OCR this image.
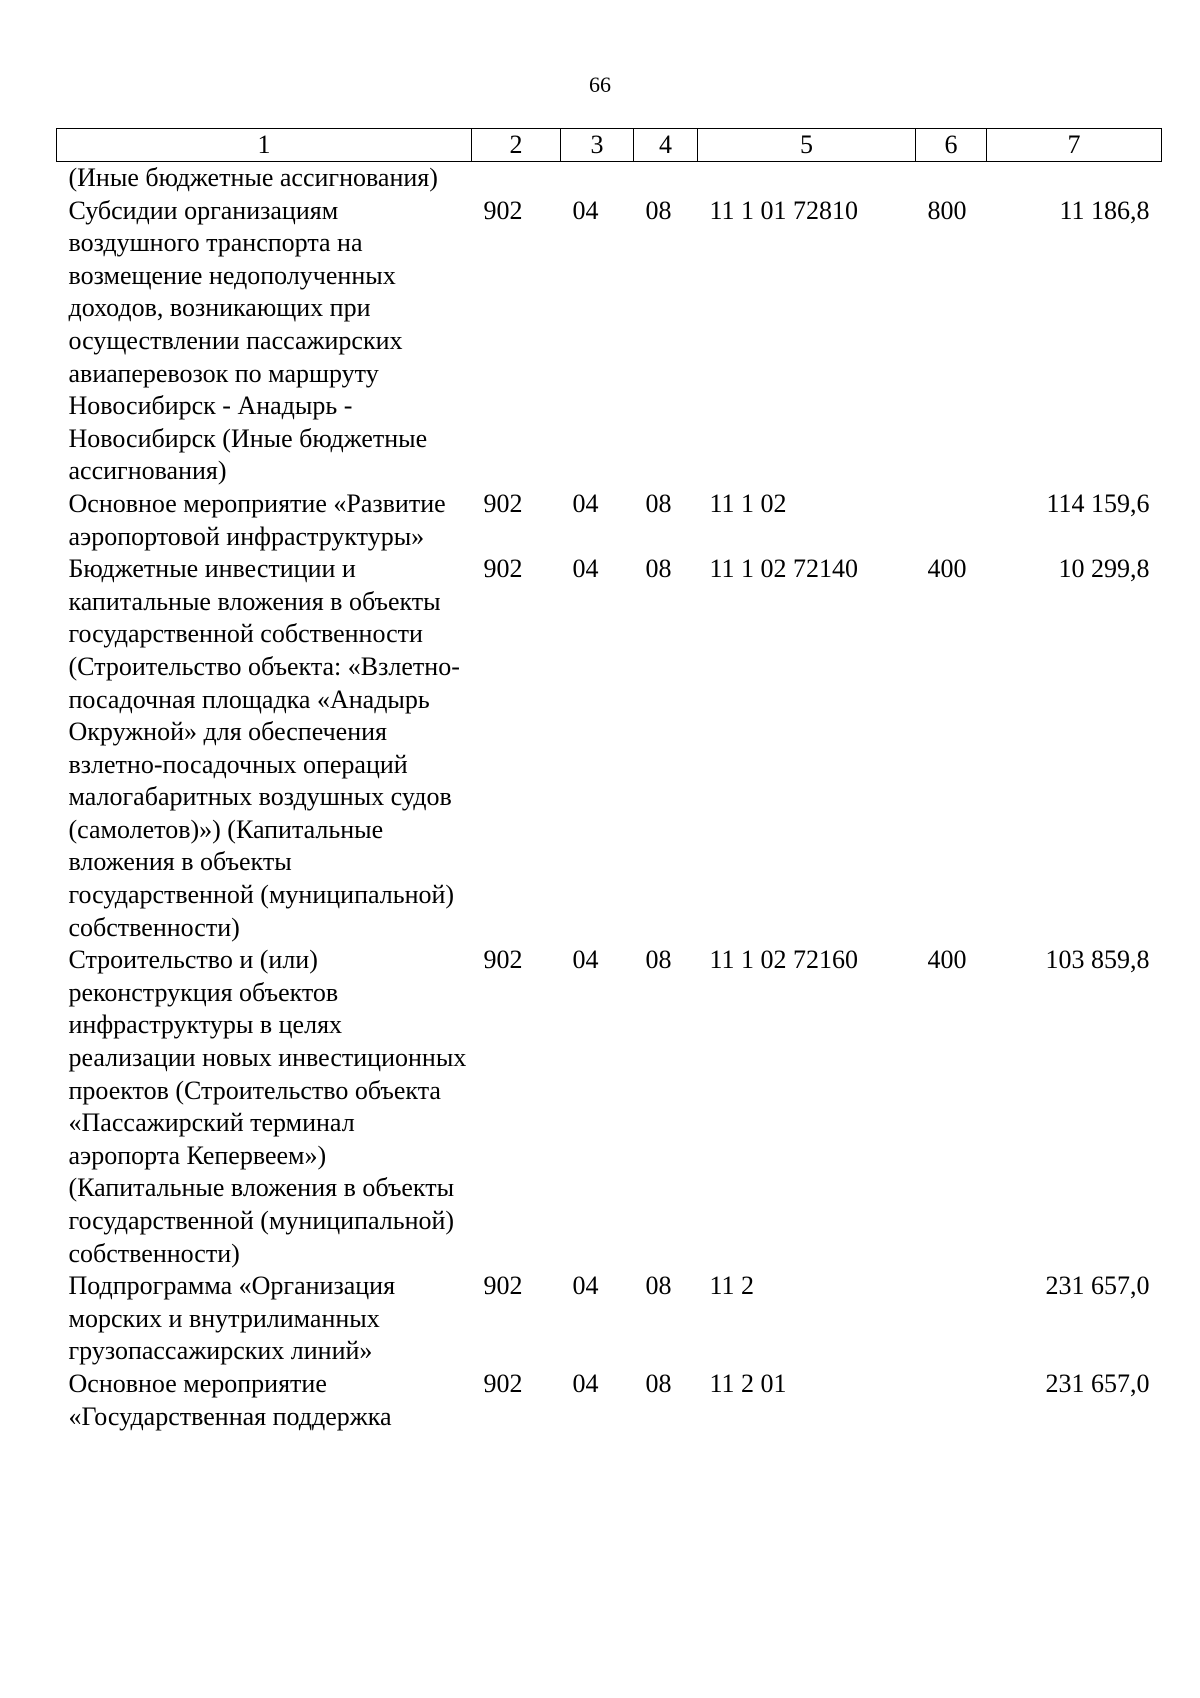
66
1	2	3	4	5	6	7
(Иные бюджетные ассигнования)						
Субсидии организациям воздушного транспорта на возмещение недополученных доходов, возникающих при осуществлении пассажирских авиаперевозок по маршруту Новосибирск - Анадырь - Новосибирск (Иные бюджетные ассигнования)	902	04	08	11 1 01 72810	800	11 186,8
Основное мероприятие «Развитие аэропортовой инфраструктуры»	902	04	08	11 1 02		114 159,6
Бюджетные инвестиции и капитальные вложения в объекты государственной собственности (Строительство объекта: «Взлетно-посадочная площадка «Анадырь Окружной» для обеспечения взлетно-посадочных операций малогабаритных воздушных судов (самолетов)») (Капитальные вложения в объекты государственной (муниципальной) собственности)	902	04	08	11 1 02 72140	400	10 299,8
Строительство и (или) реконструкция объектов инфраструктуры в целях реализации новых инвестиционных проектов (Строительство объекта «Пассажирский терминал аэропорта Кепервеем») (Капитальные вложения в объекты государственной (муниципальной) собственности)	902	04	08	11 1 02 72160	400	103 859,8
Подпрограмма «Организация морских и внутрилиманных грузопассажирских линий»	902	04	08	11 2		231 657,0
Основное мероприятие «Государственная поддержка	902	04	08	11 2 01		231 657,0
